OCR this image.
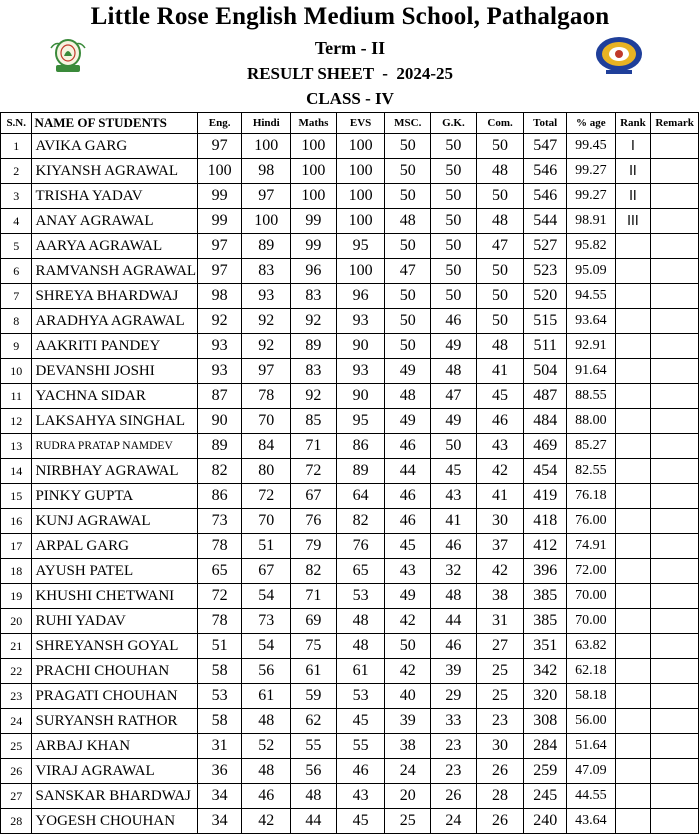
Little Rose English Medium School, Pathalgaon
Term - II
RESULT SHEET  -  2024-25
CLASS - IV
S.N.	NAME OF STUDENTS	Eng.	Hindi	Maths	EVS	MSC.	G.K.	Com.	Total	% age	Rank	Remark
1	AVIKA GARG	97	100	100	100	50	50	50	547	99.45	I	
2	KIYANSH AGRAWAL	100	98	100	100	50	50	48	546	99.27	II	
3	TRISHA YADAV	99	97	100	100	50	50	50	546	99.27	II	
4	ANAY AGRAWAL	99	100	99	100	48	50	48	544	98.91	III	
5	AARYA AGRAWAL	97	89	99	95	50	50	47	527	95.82		
6	RAMVANSH AGRAWAL	97	83	96	100	47	50	50	523	95.09		
7	SHREYA BHARDWAJ	98	93	83	96	50	50	50	520	94.55		
8	ARADHYA AGRAWAL	92	92	92	93	50	46	50	515	93.64		
9	AAKRITI PANDEY	93	92	89	90	50	49	48	511	92.91		
10	DEVANSHI JOSHI	93	97	83	93	49	48	41	504	91.64		
11	YACHNA SIDAR	87	78	92	90	48	47	45	487	88.55		
12	LAKSAHYA SINGHAL	90	70	85	95	49	49	46	484	88.00		
13	RUDRA PRATAP NAMDEV	89	84	71	86	46	50	43	469	85.27		
14	NIRBHAY AGRAWAL	82	80	72	89	44	45	42	454	82.55		
15	PINKY GUPTA	86	72	67	64	46	43	41	419	76.18		
16	KUNJ AGRAWAL	73	70	76	82	46	41	30	418	76.00		
17	ARPAL GARG	78	51	79	76	45	46	37	412	74.91		
18	AYUSH PATEL	65	67	82	65	43	32	42	396	72.00		
19	KHUSHI CHETWANI	72	54	71	53	49	48	38	385	70.00		
20	RUHI YADAV	78	73	69	48	42	44	31	385	70.00		
21	SHREYANSH GOYAL	51	54	75	48	50	46	27	351	63.82		
22	PRACHI CHOUHAN	58	56	61	61	42	39	25	342	62.18		
23	PRAGATI CHOUHAN	53	61	59	53	40	29	25	320	58.18		
24	SURYANSH RATHOR	58	48	62	45	39	33	23	308	56.00		
25	ARBAJ KHAN	31	52	55	55	38	23	30	284	51.64		
26	VIRAJ AGRAWAL	36	48	56	46	24	23	26	259	47.09		
27	SANSKAR BHARDWAJ	34	46	48	43	20	26	28	245	44.55		
28	YOGESH CHOUHAN	34	42	44	45	25	24	26	240	43.64		
